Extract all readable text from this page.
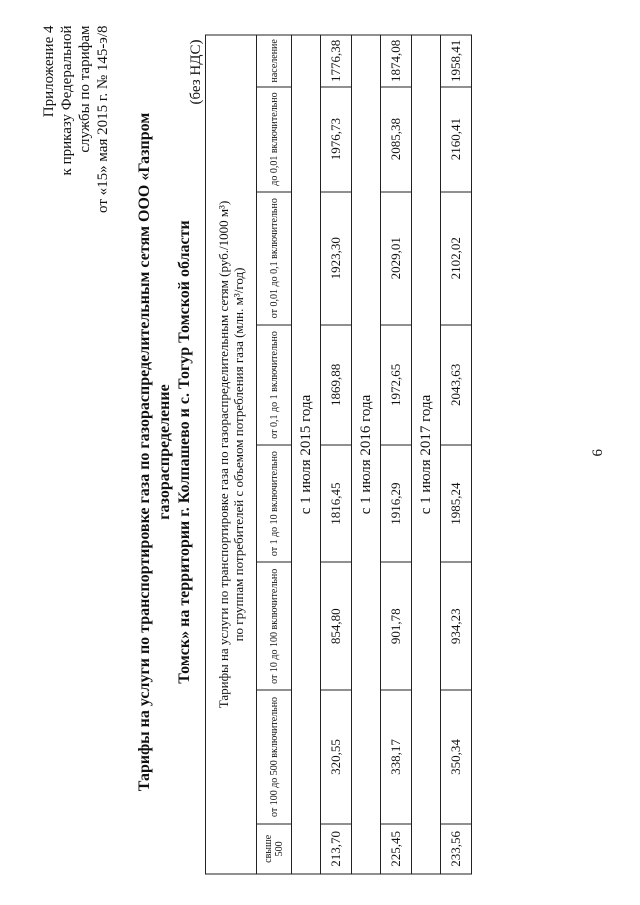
Приложение 4 к приказу Федеральной службы по тарифам от «15» мая 2015 г. № 145-э/8 Тарифы на услуги по транспортировке газа по газораспределительным сетям ООО «Газпром газораспределение Томск» на территории г. Колпашево и с. Тогур Томской области
(без НДС)
Тарифы на услуги по транспортировке газа по газораспределительным сетям (руб./1000 м³) по группам потребителей с объемом потребления газа (млн. м³/год)							

свыше 500	от 100 до 500 включительно	от 10 до 100 включительно	от 1 до 10 включительно	от 0,1 до 1 включительно	от 0,01 до 0,1 включительно	до 0,01 включительно	население
с 1 июля 2015 года							
213,70	320,55	854,80	1816,45	1869,88	1923,30	1976,73	1776,38
с 1 июля 2016 года							
225,45	338,17	901,78	1916,29	1972,65	2029,01	2085,38	1874,08
с 1 июля 2017 года							
233,56	350,34	934,23	1985,24	2043,63	2102,02	2160,41	1958,41
6
